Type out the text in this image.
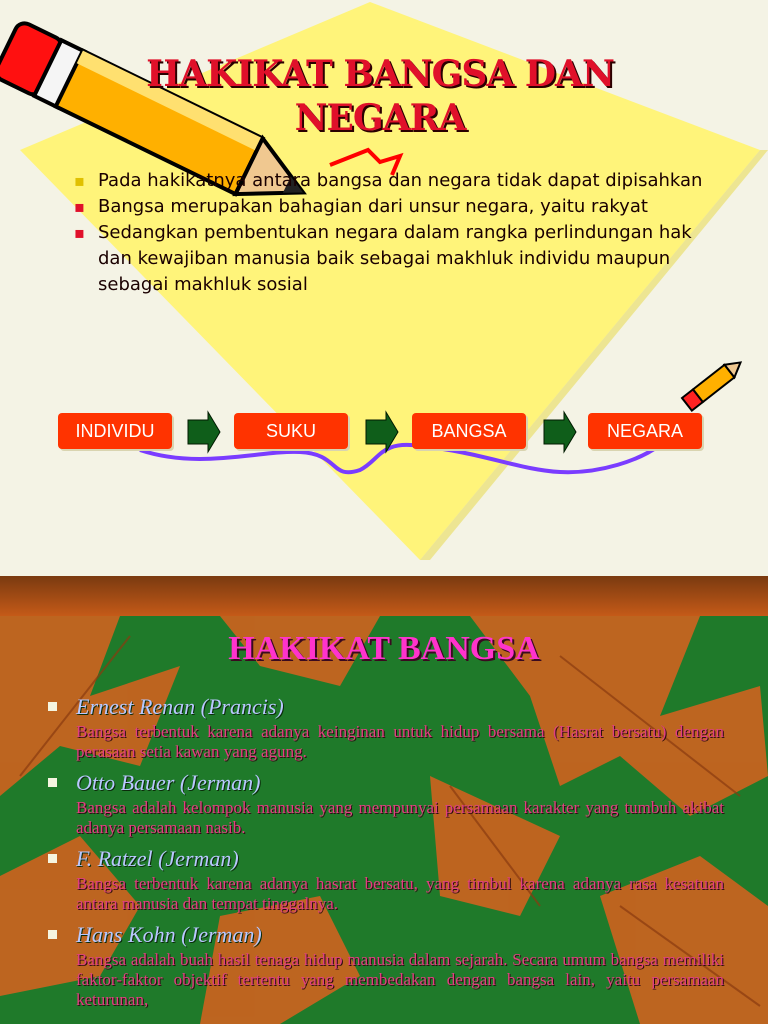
HAKIKAT BANGSA DAN NEGARA
▪ Pada hakikatnya antara bangsa dan negara tidak dapat dipisahkan
▪ Bangsa merupakan bahagian dari unsur negara, yaitu rakyat
▪ Sedangkan pembentukan negara dalam rangka perlindungan hak dan kewajiban manusia baik sebagai makhluk individu maupun sebagai makhluk sosial
INDIVIDU	SUKU	BANGSA	NEGARA
HAKIKAT BANGSA
Ernest Renan (Prancis)
Bangsa terbentuk karena adanya keinginan untuk hidup bersama (Hasrat bersatu) dengan perasaan setia kawan yang agung.
Otto Bauer (Jerman)
Bangsa adalah kelompok manusia yang mempunyai persamaan karakter yang tumbuh akibat adanya persamaan nasib.
F. Ratzel (Jerman)
Bangsa terbentuk karena adanya hasrat bersatu, yang timbul karena adanya rasa kesatuan antara manusia dan tempat tinggalnya.
Hans Kohn (Jerman)
Bangsa adalah buah hasil tenaga hidup manusia dalam sejarah. Secara umum bangsa memiliki faktor-faktor objektif tertentu yang membedakan dengan bangsa lain, yaitu persamaan keturunan,
